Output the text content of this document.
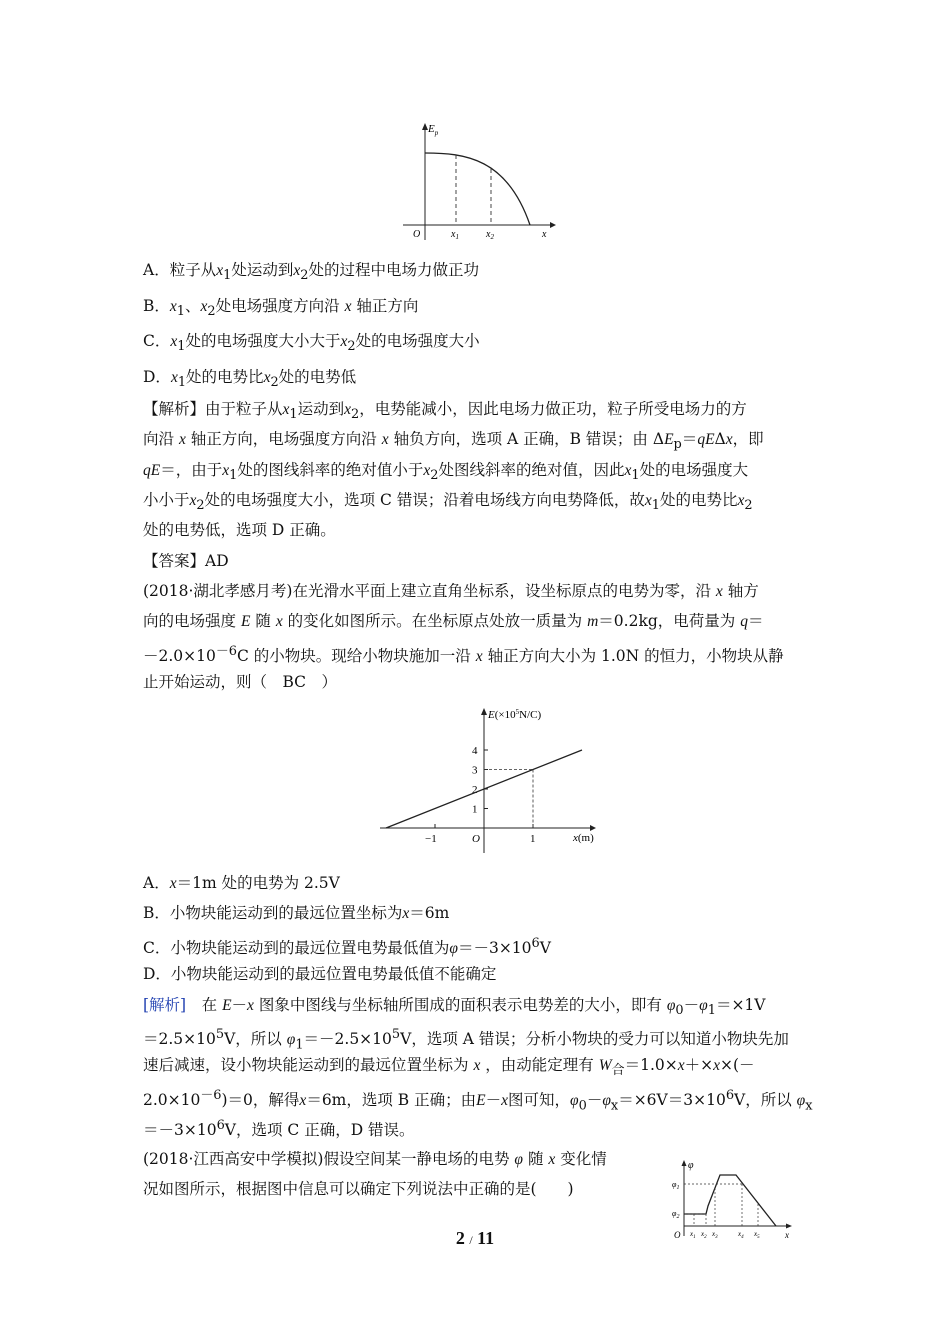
$E_p$
O	x
$x_1$	$x_2$
A．粒子从$x_1$处运动到$x_2$处的过程中电场力做正功
B．$x_1$、$x_2$处电场强度方向沿 x 轴正方向
C．$x_1$处的电场强度大小大于$x_2$处的电场强度大小
D．$x_1$处的电势比$x_2$处的电势低
【解析】由于粒子从$x_1$运动到$x_2$，电势能减小，因此电场力做正功，粒子所受电场力的方
向沿 x 轴正方向，电场强度方向沿 x 轴负方向，选项 A 正确，B 错误；由 $\Delta E_p=qE\Delta x$，即
qE＝，由于$x_1$处的图线斜率的绝对值小于$x_2$处图线斜率的绝对值，因此$x_1$处的电场强度大
小小于$x_2$处的电场强度大小，选项 C 错误；沿着电场线方向电势降低，故$x_1$处的电势比$x_2$
处的电势低，选项 D 正确。
【答案】AD
(2018·湖北孝感月考)在光滑水平面上建立直角坐标系，设坐标原点的电势为零，沿 x 轴方
向的电场强度 E 随 x 的变化如图所示。在坐标原点处放一质量为 m＝0.2kg，电荷量为 q＝
$-2.0\times 10^{-6}C$ 的小物块。现给小物块施加一沿 x 轴正方向大小为 1.0N 的恒力，小物块从静
止开始运动，则（　BC　）
1
2
3
4
−1	1
$E(\times 10^5N/C)$
x(m)
O
A．x＝1m 处的电势为 2.5V
B．小物块能运动到的最远位置坐标为x＝6m
C．小物块能运动到的最远位置电势最低值为$\varphi=-3\times 10^6V$
D．小物块能运动到的最远位置电势最低值不能确定
[解析]　在 E－x 图象中图线与坐标轴所围成的面积表示电势差的大小，即有 $\varphi_0-\varphi_1=\times 1V$
$=2.5\times 10^5V$，所以 $\varphi_1=-2.5\times 10^5V$，选项 A 错误；分析小物块的受力可以知道小物块先加
速后减速，设小物块能运动到的最远位置坐标为 x ，由动能定理有 $W_合=1.0\times x+\times x\times(-$
$2.0\times 10^{-6})=0$，解得x＝6m，选项 B 正确；由E－x图可知，$\varphi_0-\varphi_x=\times 6V=3\times 10^6V$，所以 $\varphi_x$
$=-3\times 10^6V$，选项 C 正确，D 错误。
(2018·江西高安中学模拟)假设空间某一静电场的电势 φ 随 x 变化情
况如图所示，根据图中信息可以确定下列说法中正确的是(　　)
φ
O	x
$\varphi_1$
$\varphi_2$
$x_1$ $x_2$ $x_3$	$x_4$ $x_5$
2 / 11
